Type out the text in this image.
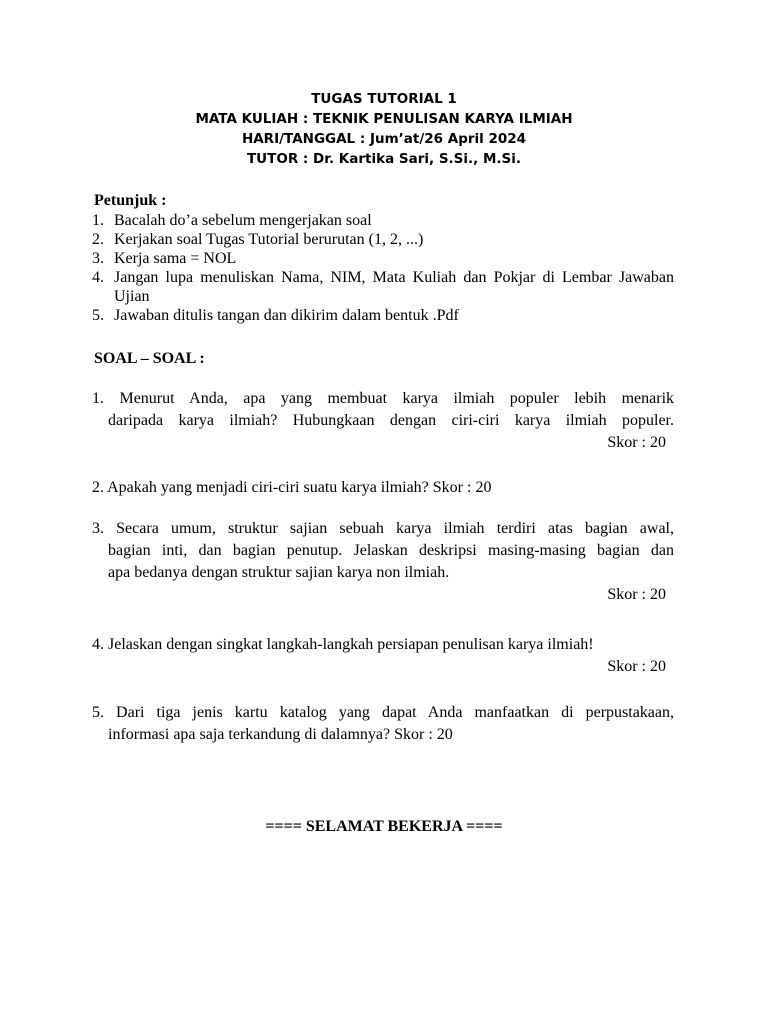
TUGAS TUTORIAL 1
MATA KULIAH : TEKNIK PENULISAN KARYA ILMIAH
HARI/TANGGAL : Jum’at/26 April 2024
TUTOR : Dr. Kartika Sari, S.Si., M.Si.
Petunjuk :
1. Bacalah do’a sebelum mengerjakan soal
2. Kerjakan soal Tugas Tutorial berurutan (1, 2, ...)
3. Kerja sama = NOL
4. Jangan lupa menuliskan Nama, NIM, Mata Kuliah dan Pokjar di Lembar Jawaban Ujian
5. Jawaban ditulis tangan dan dikirim dalam bentuk .Pdf
SOAL – SOAL :
1. Menurut Anda, apa yang membuat karya ilmiah populer lebih menarik
daripada karya ilmiah? Hubungkaan dengan ciri-ciri karya ilmiah populer.
Skor : 20
2. Apakah yang menjadi ciri-ciri suatu karya ilmiah? Skor : 20
3. Secara umum, struktur sajian sebuah karya ilmiah terdiri atas bagian awal,
bagian inti, dan bagian penutup. Jelaskan deskripsi masing-masing bagian dan
apa bedanya dengan struktur sajian karya non ilmiah.
Skor : 20
4. Jelaskan dengan singkat langkah-langkah persiapan penulisan karya ilmiah!
Skor : 20
5. Dari tiga jenis kartu katalog yang dapat Anda manfaatkan di perpustakaan,
informasi apa saja terkandung di dalamnya? Skor : 20
==== SELAMAT BEKERJA ====
